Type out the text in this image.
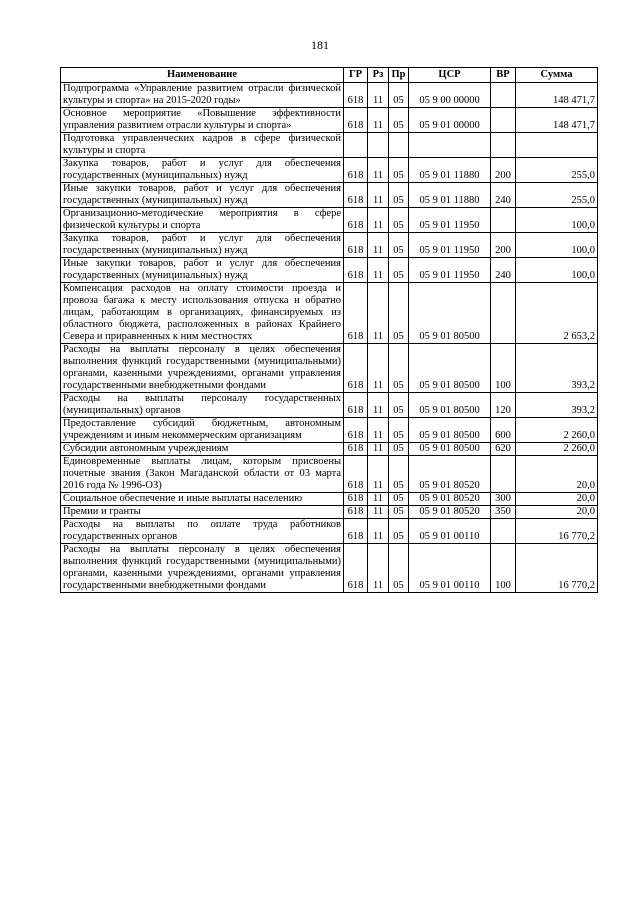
181
Наименование	ГР	Рз	Пр	ЦСР	ВР	Сумма
Подпрограмма «Управление развитием отрасли физической культуры и спорта» на 2015-2020 годы»	618	11	05	05 9 00 00000		148 471,7
Основное мероприятие «Повышение эффективности управления развитием отрасли культуры и спорта»	618	11	05	05 9 01 00000		148 471,7
Подготовка управленческих кадров в сфере физической культуры и спорта						
Закупка товаров, работ и услуг для обеспечения государственных (муниципальных) нужд	618	11	05	05 9 01 11880	200	255,0
Иные закупки товаров, работ и услуг для обеспечения государственных (муниципальных) нужд	618	11	05	05 9 01 11880	240	255,0
Организационно-методические мероприятия в сфере физической культуры и спорта	618	11	05	05 9 01 11950		100,0
Закупка товаров, работ и услуг для обеспечения государственных (муниципальных) нужд	618	11	05	05 9 01 11950	200	100,0
Иные закупки товаров, работ и услуг для обеспечения государственных (муниципальных) нужд	618	11	05	05 9 01 11950	240	100,0
Компенсация расходов на оплату стоимости проезда и провоза багажа к месту использования отпуска и обратно лицам, работающим в организациях, финансируемых из областного бюджета, расположенных в районах Крайнего Севера и приравненных к ним местностях	618	11	05	05 9 01 80500		2 653,2
Расходы на выплаты персоналу в целях обеспечения выполнения функций государственными (муниципальными) органами, казенными учреждениями, органами управления государственными внебюджетными фондами	618	11	05	05 9 01 80500	100	393,2
Расходы на выплаты персоналу государственных (муниципальных) органов	618	11	05	05 9 01 80500	120	393,2
Предоставление субсидий бюджетным, автономным учреждениям и иным некоммерческим организациям	618	11	05	05 9 01 80500	600	2 260,0
Субсидии автономным учреждениям	618	11	05	05 9 01 80500	620	2 260,0
Единовременные выплаты лицам, которым присвоены почетные звания (Закон Магаданской области от 03 марта 2016 года № 1996-ОЗ)	618	11	05	05 9 01 80520		20,0
Социальное обеспечение и иные выплаты населению	618	11	05	05 9 01 80520	300	20,0
Премии и гранты	618	11	05	05 9 01 80520	350	20,0
Расходы на выплаты по оплате труда работников государственных органов	618	11	05	05 9 01 00110		16 770,2
Расходы на выплаты персоналу в целях обеспечения выполнения функций государственными (муниципальными) органами, казенными учреждениями, органами управления государственными внебюджетными фондами	618	11	05	05 9 01 00110	100	16 770,2
